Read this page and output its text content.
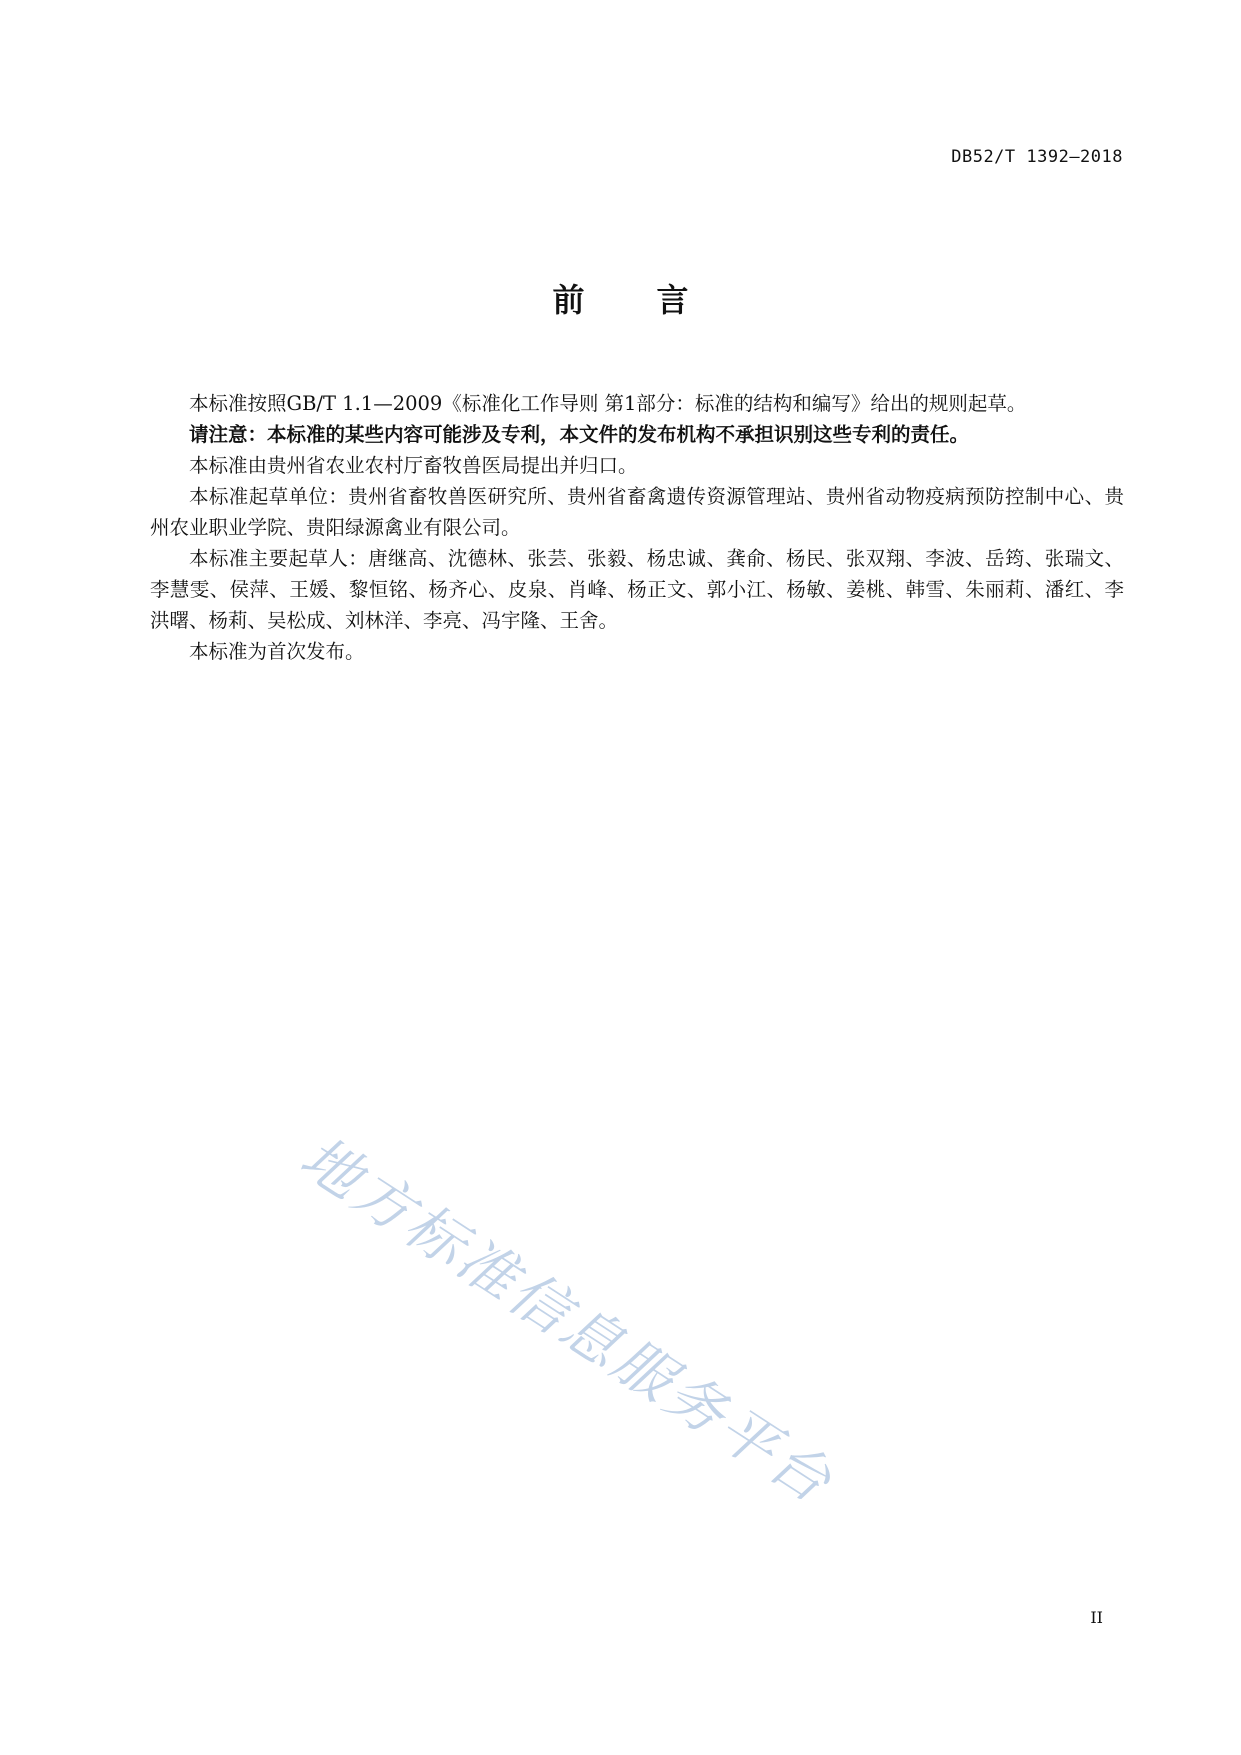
DB52/T 1392—2018
前 言

本标准按照GB/T 1.1—2009《标准化工作导则 第1部分：标准的结构和编写》给出的规则起草。

请注意：本标准的某些内容可能涉及专利，本文件的发布机构不承担识别这些专利的责任。

本标准由贵州省农业农村厅畜牧兽医局提出并归口。

本标准起草单位：贵州省畜牧兽医研究所、贵州省畜禽遗传资源管理站、贵州省动物疫病预防控制中心、贵州农业职业学院、贵阳绿源禽业有限公司。

本标准主要起草人：唐继高、沈德林、张芸、张毅、杨忠诚、龚俞、杨民、张双翔、李波、岳筠、张瑞文、李慧雯、侯萍、王媛、黎恒铭、杨齐心、皮泉、肖峰、杨正文、郭小江、杨敏、姜桃、韩雪、朱丽莉、潘红、李洪曙、杨莉、吴松成、刘林洋、李亮、冯宇隆、王舍。

本标准为首次发布。

地方标准信息服务平台
II
